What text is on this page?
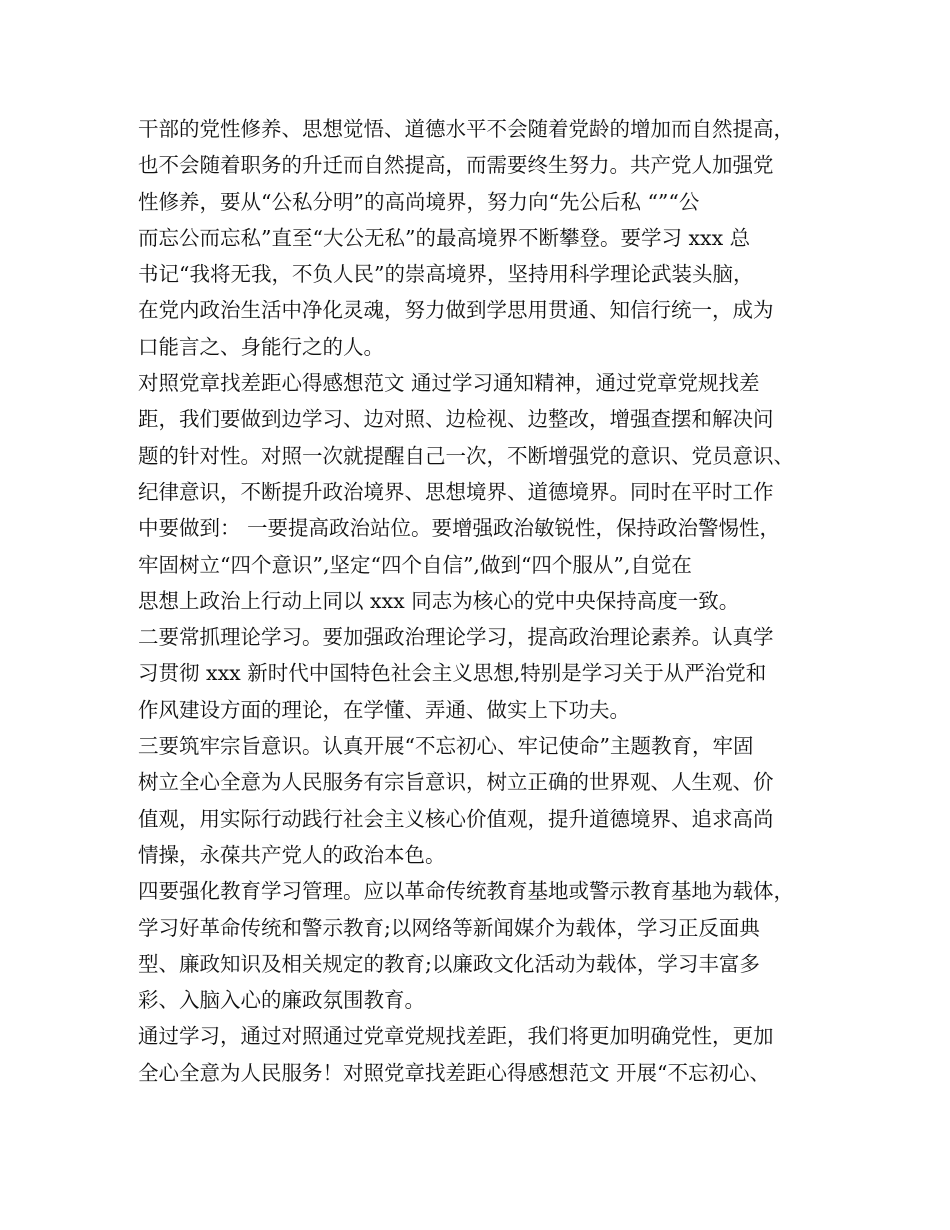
干部的党性修养、思想觉悟、道德水平不会随着党龄的增加而自然提高，
也不会随着职务的升迁而自然提高，而需要终生努力。共产党人加强党
性修养，要从“公私分明”的高尚境界，努力向“先公后私 “”“公
而忘公而忘私”直至“大公无私”的最高境界不断攀登。要学习 xxx 总
书记“我将无我，不负人民”的崇高境界，坚持用科学理论武装头脑，
在党内政治生活中净化灵魂，努力做到学思用贯通、知信行统一，成为
口能言之、身能行之的人。
对照党章找差距心得感想范文 通过学习通知精神，通过党章党规找差
距，我们要做到边学习、边对照、边检视、边整改，增强查摆和解决问
题的针对性。对照一次就提醒自己一次，不断增强党的意识、党员意识、
纪律意识，不断提升政治境界、思想境界、道德境界。同时在平时工作
中要做到： 一要提高政治站位。要增强政治敏锐性，保持政治警惕性，
牢固树立“四个意识”,坚定“四个自信”,做到“四个服从”,自觉在
思想上政治上行动上同以 xxx 同志为核心的党中央保持高度一致。
二要常抓理论学习。要加强政治理论学习，提高政治理论素养。认真学
习贯彻 xxx 新时代中国特色社会主义思想,特别是学习关于从严治党和
作风建设方面的理论，在学懂、弄通、做实上下功夫。
三要筑牢宗旨意识。认真开展“不忘初心、牢记使命”主题教育，牢固
树立全心全意为人民服务有宗旨意识，树立正确的世界观、人生观、价
值观，用实际行动践行社会主义核心价值观，提升道德境界、追求高尚
情操，永葆共产党人的政治本色。
四要强化教育学习管理。应以革命传统教育基地或警示教育基地为载体，
学习好革命传统和警示教育;以网络等新闻媒介为载体，学习正反面典
型、廉政知识及相关规定的教育;以廉政文化活动为载体，学习丰富多
彩、入脑入心的廉政氛围教育。
通过学习，通过对照通过党章党规找差距，我们将更加明确党性，更加
全心全意为人民服务！对照党章找差距心得感想范文 开展“不忘初心、
